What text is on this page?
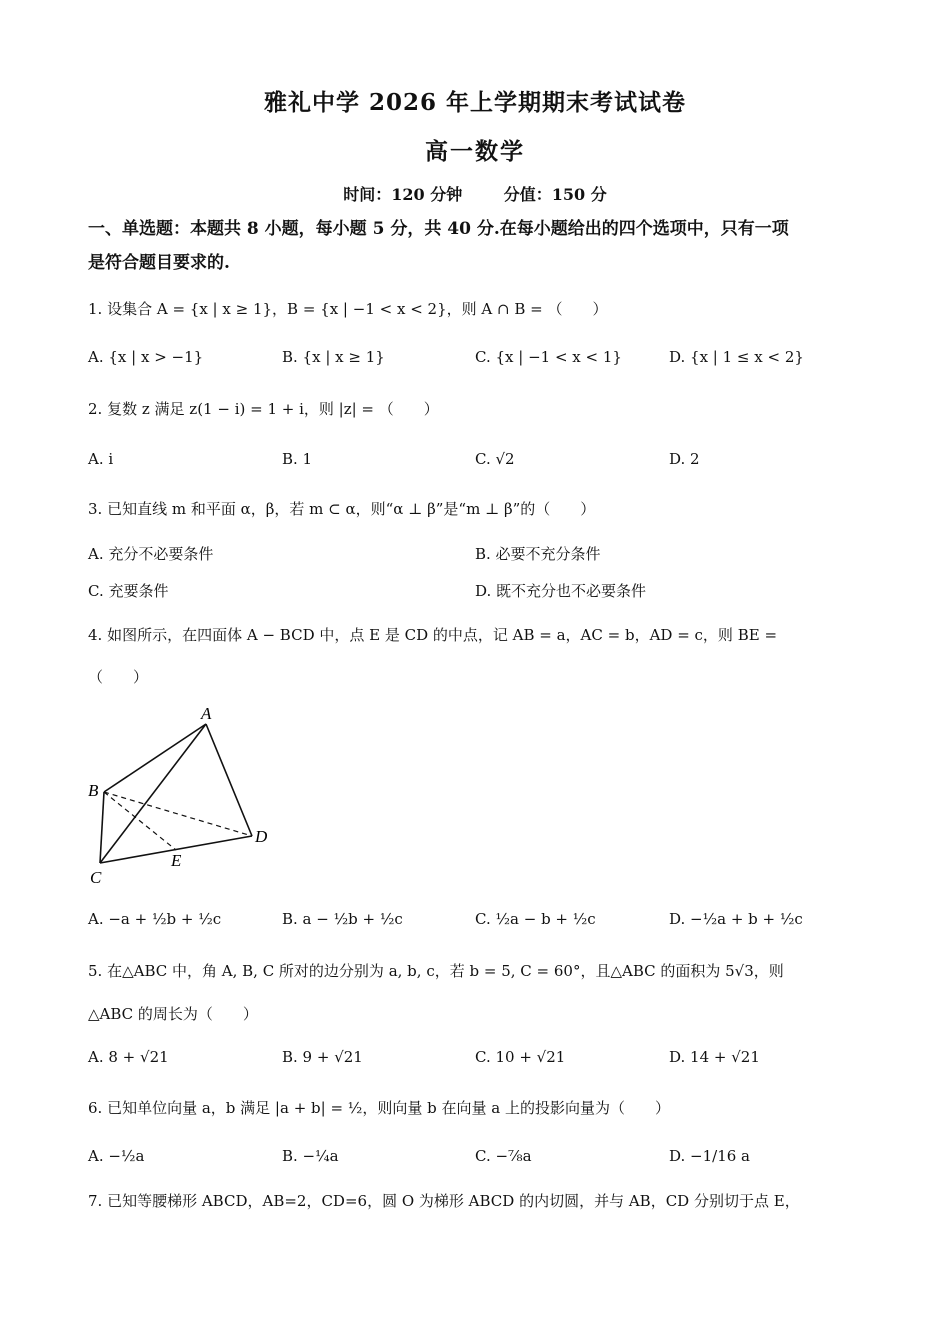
雅礼中学 2026 年上学期期末考试试卷
高一数学
时间：120 分钟	分值：150 分
一、单选题：本题共 8 小题，每小题 5 分，共 40 分.在每小题给出的四个选项中，只有一项
是符合题目要求的.
1. 设集合 A = {x | x ≥ 1}，B = {x | −1 < x < 2}，则 A ∩ B = （　　）
A. {x | x > −1}	B. {x | x ≥ 1}	C. {x | −1 < x < 1}	D. {x | 1 ≤ x < 2}
2. 复数 z 满足 z(1 − i) = 1 + i，则 |z| = （　　）
A. i	B. 1	C. √2	D. 2
3. 已知直线 m 和平面 α，β，若 m ⊂ α，则“α ⊥ β”是“m ⊥ β”的（　　）
A. 充分不必要条件	B. 必要不充分条件
C. 充要条件	D. 既不充分也不必要条件
4. 如图所示，在四面体 A − BCD 中，点 E 是 CD 的中点，记 AB = a，AC = b，AD = c，则 BE =
（　　）
A
B
C
D
E
A. −a + ½b + ½c	B. a − ½b + ½c	C. ½a − b + ½c	D. −½a + b + ½c
5. 在△ABC 中，角 A, B, C 所对的边分别为 a, b, c，若 b = 5, C = 60°，且△ABC 的面积为 5√3，则
△ABC 的周长为（　　）
A. 8 + √21	B. 9 + √21	C. 10 + √21	D. 14 + √21
6. 已知单位向量 a，b 满足 |a + b| = ½，则向量 b 在向量 a 上的投影向量为（　　）
A. −½a	B. −¼a	C. −⅞a	D. −1/16 a
7. 已知等腰梯形 ABCD，AB=2，CD=6，圆 O 为梯形 ABCD 的内切圆，并与 AB，CD 分别切于点 E，
